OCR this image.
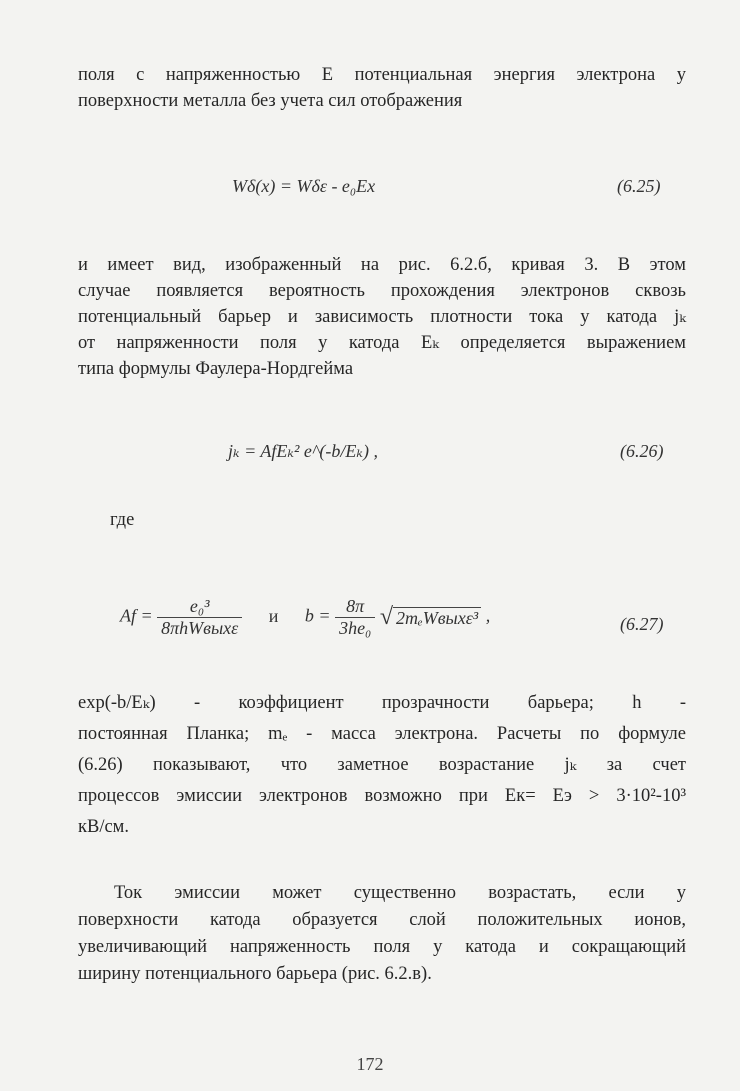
поля с напряженностью E потенциальная энергия электрона у
поверхности металла без учета сил отображения

Wδ(x) = Wδε - e₀Ex	(6.25)

и имеет вид, изображенный на рис. 6.2.б, кривая 3. В этом
случае появляется вероятность прохождения электронов сквозь
потенциальный барьер и зависимость плотности тока у катода jₖ
от напряженности поля у катода Eₖ определяется выражением
типа формулы Фаулера-Нордгейма

jₖ = AfEₖ² e^(-b/Eₖ) ,	(6.26)
где
$Af = \frac{\text{e₀³}}{\text{8πhWвыхε}}$ и $b = \frac{8\pi}{\text{3he₀}}$ √ 2mₑWвыхε³ ,	(6.27)

exp(-b/Eₖ) - коэффициент прозрачности барьера; h -
постоянная Планка; mₑ - масса электрона. Расчеты по формуле
(6.26) показывают, что заметное возрастание jₖ за счет
процессов эмиссии электронов возможно при Eк= Eэ > 3·10²-10³
кВ/см.

Ток эмиссии может существенно возрастать, если у
поверхности катода образуется слой положительных ионов,
увеличивающий напряженность поля у катода и сокращающий
ширину потенциального барьера (рис. 6.2.в).

172
